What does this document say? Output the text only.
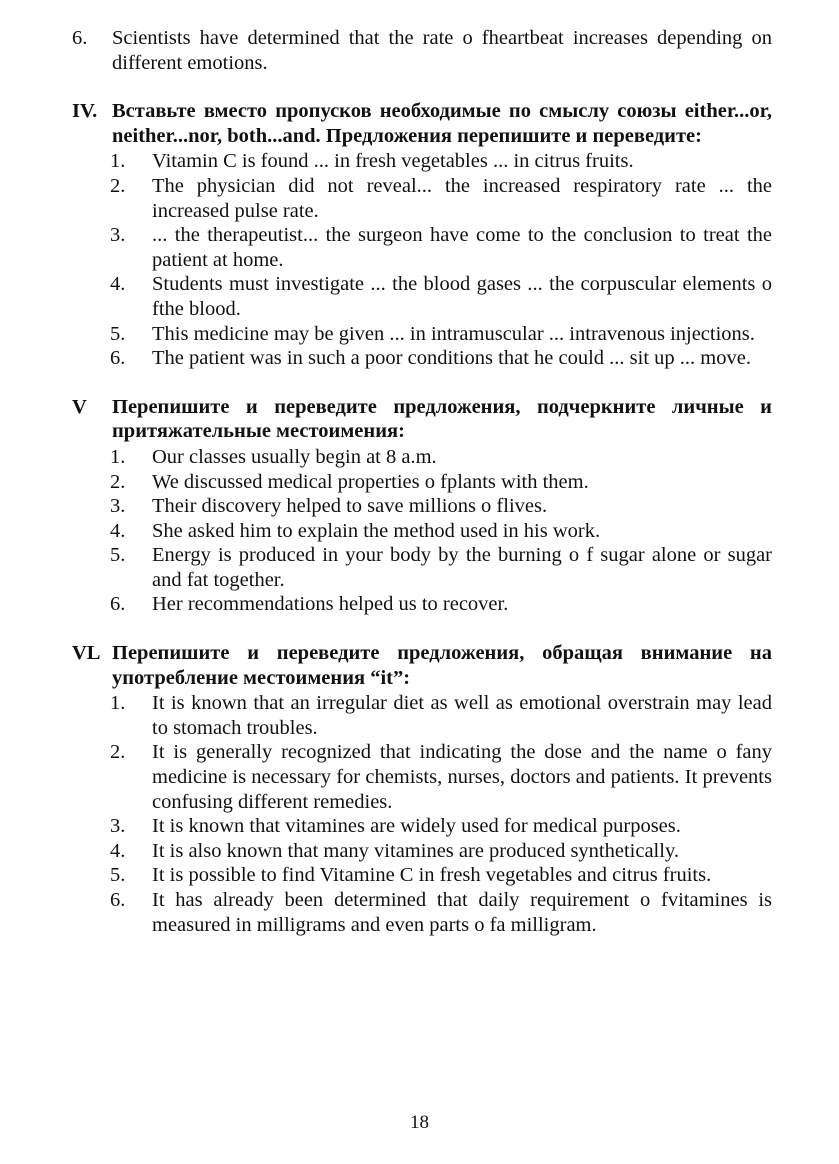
6. Scientists have determined that the rate o fheartbeat increases depending on different emotions.
IV. Вставьте вместо пропусков необходимые по смыслу союзы either...or, neither...nor, both...and. Предложения перепишите и переведите:
1. Vitamin C is found ... in fresh vegetables ... in citrus fruits.
2. The physician did not reveal... the increased respiratory rate ... the increased pulse rate.
3. ... the therapeutist... the surgeon have come to the conclusion to treat the patient at home.
4. Students must investigate ... the blood gases ... the corpuscular elements o fthe blood.
5. This medicine may be given ... in intramuscular ... intravenous injections.
6. The patient was in such a poor conditions that he could ... sit up ... move.
V Перепишите и переведите предложения, подчеркните личные и притяжательные местоимения:
1. Our classes usually begin at 8 a.m.
2. We discussed medical properties o fplants with them.
3. Their discovery helped to save millions o flives.
4. She asked him to explain the method used in his work.
5. Energy is produced in your body by the burning o f sugar alone or sugar and fat together.
6. Her recommendations helped us to recover.
VL Перепишите и переведите предложения, обращая внимание на употребление местоимения “it”:
1. It is known that an irregular diet as well as emotional overstrain may lead to stomach troubles.
2. It is generally recognized that indicating the dose and the name o fany medicine is necessary for chemists, nurses, doctors and patients. It prevents confusing different remedies.
3. It is known that vitamines are widely used for medical purposes.
4. It is also known that many vitamines are produced synthetically.
5. It is possible to find Vitamine C in fresh vegetables and citrus fruits.
6. It has already been determined that daily requirement o fvitamines is measured in milligrams and even parts o fa milligram.
18
